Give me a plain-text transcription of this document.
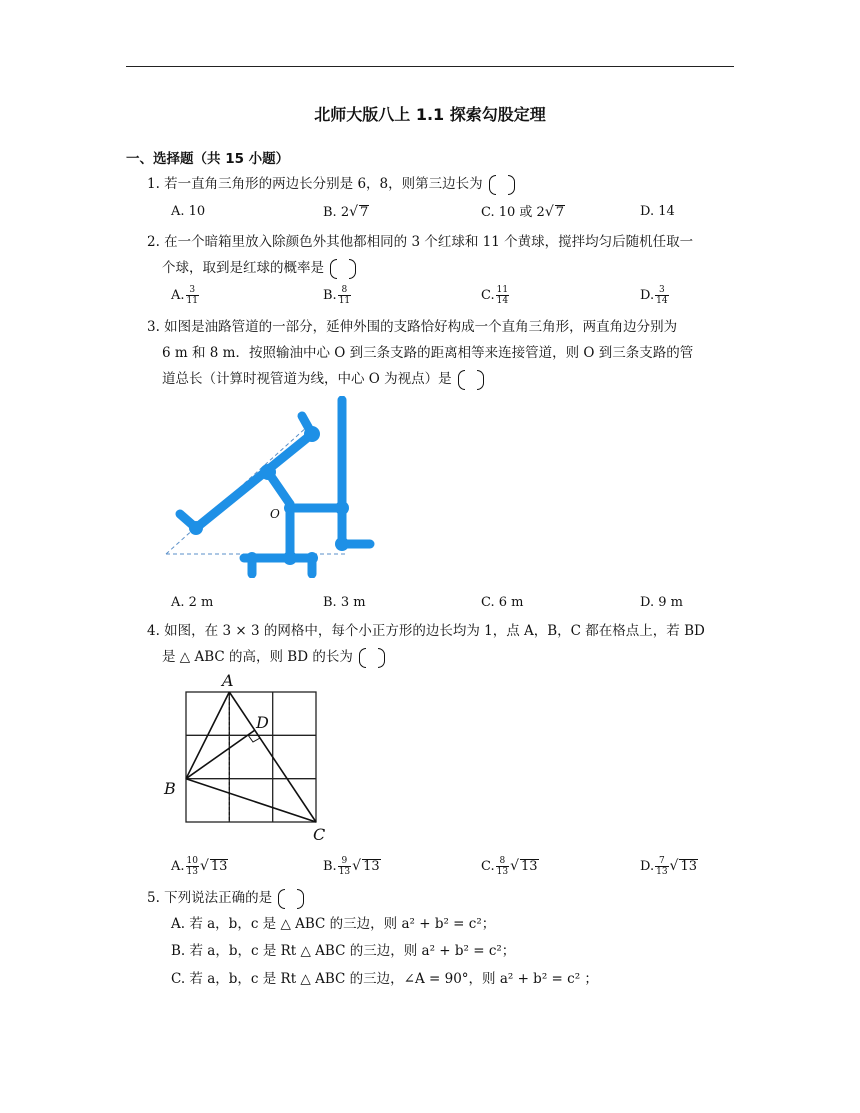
北师大版八上 1.1 探索勾股定理
一、选择题（共 15 小题）
1. 若一直角三角形的两边长分别是 6，8，则第三边长为
A. 10	B. 2√ 7	C. 10 或 2√ 7	D. 14
2. 在一个暗箱里放入除颜色外其他都相同的 3 个红球和 11 个黄球，搅拌均匀后随机任取一
个球，取到是红球的概率是
A. $\frac{3}{11}$	B. $\frac{8}{11}$	C. $\frac{11}{14}$	D. $\frac{3}{14}$
3. 如图是油路管道的一部分，延伸外围的支路恰好构成一个直角三角形，两直角边分别为
6 m 和 8 m．按照输油中心 O 到三条支路的距离相等来连接管道，则 O 到三条支路的管
道总长（计算时视管道为线，中心 O 为视点）是
O
A. 2 m	B. 3 m	C. 6 m	D. 9 m
4. 如图，在 3 × 3 的网格中，每个小正方形的边长均为 1，点 A，B，C 都在格点上，若 BD
是 △ ABC 的高，则 BD 的长为
A
B
C
D
A. $\frac{10}{13}$ √ 13	B. $\frac{9}{13}$ √ 13	C. $\frac{8}{13}$ √ 13	D. $\frac{7}{13}$ √ 13
5. 下列说法正确的是
A. 若 a，b，c 是 △ ABC 的三边，则 a² + b² = c²；
B. 若 a，b，c 是 Rt △ ABC 的三边，则 a² + b² = c²；
C. 若 a，b，c 是 Rt △ ABC 的三边，∠A = 90°，则 a² + b² = c² ；
